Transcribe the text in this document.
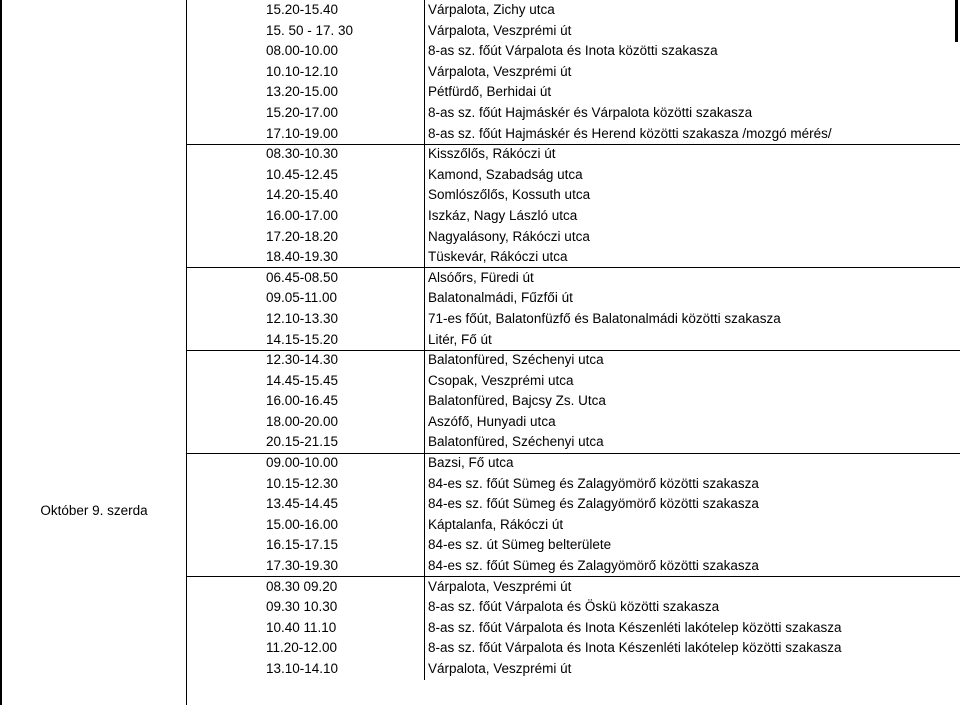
Október 9. szerda
15.20-15.40	Várpalota, Zichy utca
15. 50 - 17. 30	Várpalota, Veszprémi út
08.00-10.00	8-as sz. főút Várpalota és Inota közötti szakasza
10.10-12.10	Várpalota, Veszprémi út
13.20-15.00	Pétfürdő, Berhidai út
15.20-17.00	8-as sz. főút Hajmáskér és Várpalota közötti szakasza
17.10-19.00	8-as sz. főút Hajmáskér és Herend közötti szakasza /mozgó mérés/
08.30-10.30	Kisszőlős, Rákóczi út
10.45-12.45	Kamond, Szabadság utca
14.20-15.40	Somlószőlős, Kossuth utca
16.00-17.00	Iszkáz, Nagy László utca
17.20-18.20	Nagyalásony, Rákóczi utca
18.40-19.30	Tüskevár, Rákóczi utca
06.45-08.50	Alsóőrs, Füredi út
09.05-11.00	Balatonalmádi, Fűzfői út
12.10-13.30	71-es főút, Balatonfüzfő és Balatonalmádi közötti szakasza
14.15-15.20	Litér, Fő út
12.30-14.30	Balatonfüred, Széchenyi utca
14.45-15.45	Csopak, Veszprémi utca
16.00-16.45	Balatonfüred, Bajcsy Zs. Utca
18.00-20.00	Aszófő, Hunyadi utca
20.15-21.15	Balatonfüred, Széchenyi utca
09.00-10.00	Bazsi, Fő utca
10.15-12.30	84-es sz. főút Sümeg és Zalagyömörő közötti szakasza
13.45-14.45	84-es sz. főút Sümeg és Zalagyömörő közötti szakasza
15.00-16.00	Káptalanfa, Rákóczi út
16.15-17.15	84-es sz. út Sümeg belterülete
17.30-19.30	84-es sz. főút Sümeg és Zalagyömörő közötti szakasza
08.30 09.20	Várpalota, Veszprémi út
09.30 10.30	8-as sz. főút Várpalota és Öskü közötti szakasza
10.40 11.10	8-as sz. főút Várpalota és Inota Készenléti lakótelep közötti szakasza
11.20-12.00	8-as sz. főút Várpalota és Inota Készenléti lakótelep közötti szakasza
13.10-14.10	Várpalota, Veszprémi út
